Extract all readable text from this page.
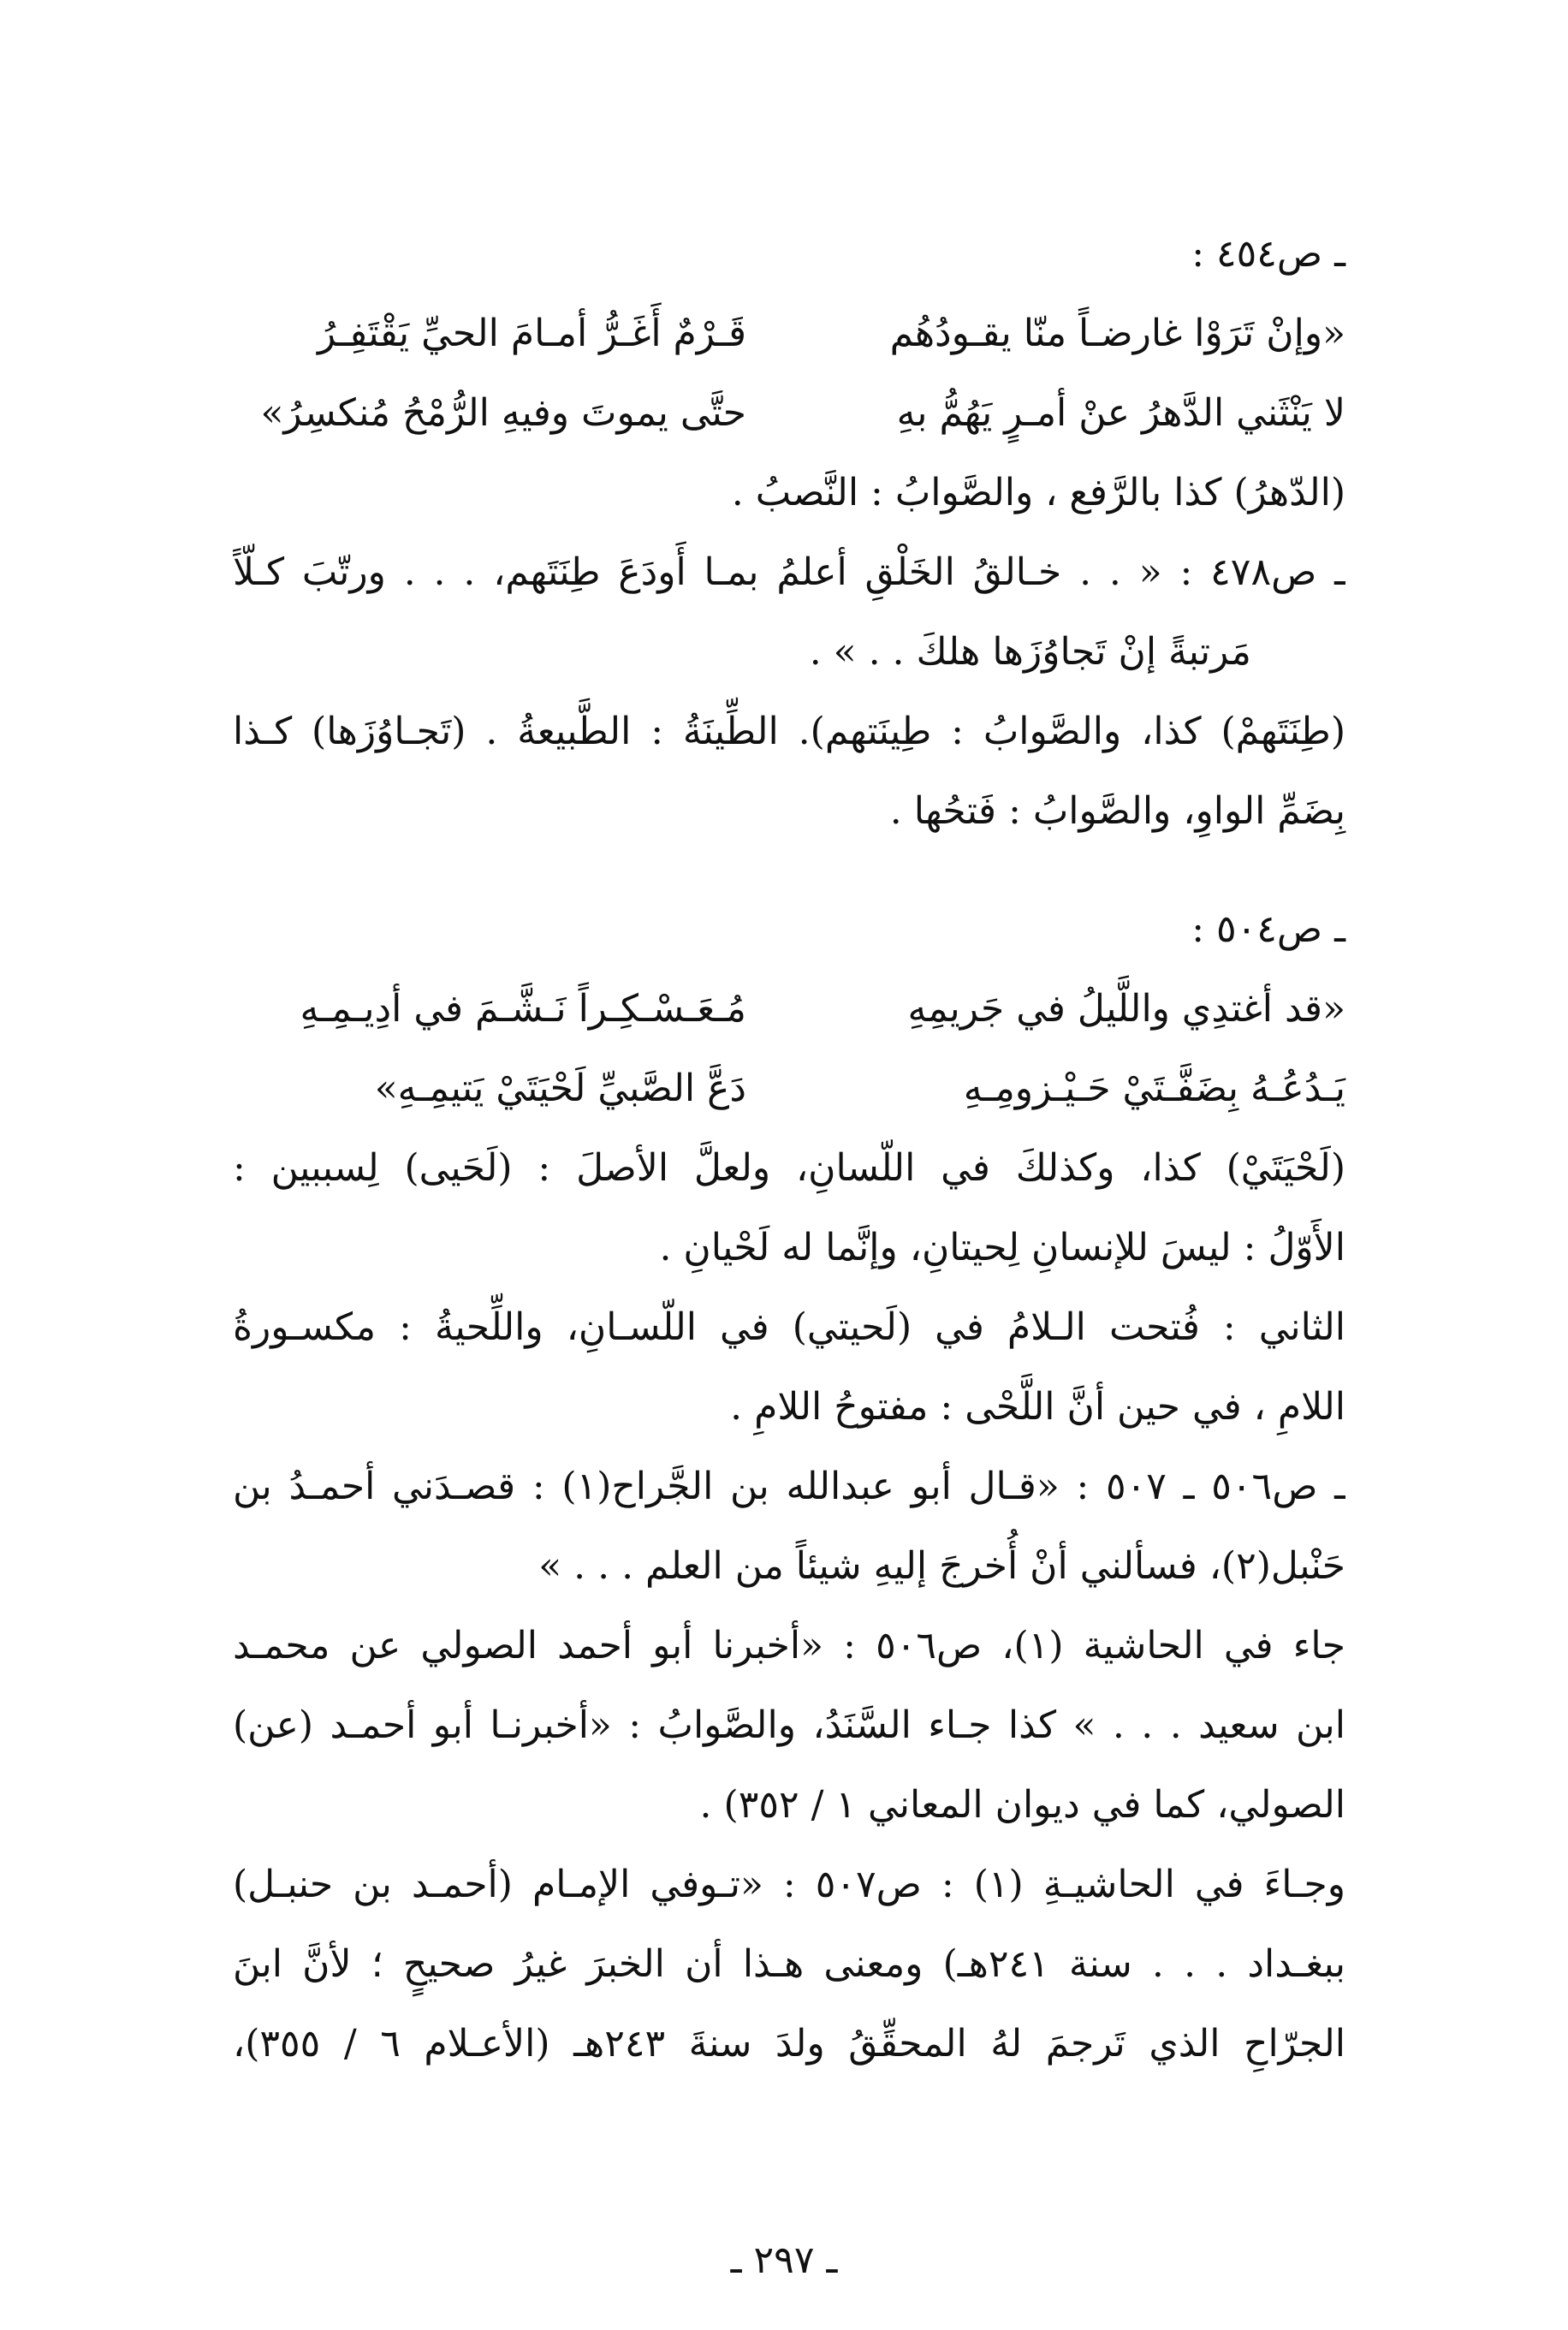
ـ ص٤٥٤ :
«وإنْ تَرَوْا غارضـاً منّا يقـودُهُم
قَـرْمٌ أَغَـرُّ أمـامَ الحيِّ يَقْتَفِـرُ
لا يَنْثَني الدَّهرُ عنْ أمـرٍ يَهُمُّ بهِ
حتَّى يموتَ وفيهِ الرُّمْحُ مُنكسِرُ»
(الدّهرُ) كذا بالرَّفع ، والصَّوابُ : النَّصبُ .
ـ ص٤٧٨ : « . . خـالقُ الخَلْقِ أعلمُ بمـا أَودَعَ طِنَتَهم، . . . ورتّبَ كـلّاً
مَرتبةً إنْ تَجاوُزَها هلكَ . . » .
(طِنَتَهمْ) كذا، والصَّوابُ : طِينَتهم). الطِّينَةُ : الطَّبيعةُ . (تَجـاوُزَها) كـذا
بِضَمِّ الواوِ، والصَّوابُ : فَتحُها .
ـ ص٥٠٤ :
«قد أغتدِي واللَّيلُ في جَريمِهِ
مُـعَـسْـكِـراً نَـشَّـمَ في أدِيـمِـهِ
يَـدُعُـهُ بِضَفَّـتَيْ حَـيْـزومِـهِ
دَعَّ الصَّبيِّ لَحْيَتَيْ يَتيمِـهِ»
(لَحْيَتَيْ) كذا، وكذلكَ في اللّسانِ، ولعلَّ الأصلَ : (لَحَيى) لِسببين :
الأَوّلُ : ليسَ للإنسانِ لِحيتانِ، وإنَّما له لَحْيانِ .
الثاني : فُتحت الـلامُ في (لَحيتي) في اللّسـانِ، واللِّحيةُ : مكسـورةُ
اللامِ ، في حين أنَّ اللَّحْى : مفتوحُ اللامِ .
ـ ص٥٠٦ ـ ٥٠٧ : «قـال أبو عبدالله بن الجَّراح(١) : قصـدَني أحمـدُ بن
حَنْبل(٢)، فسألني أنْ أُخرجَ إليهِ شيئاً من العلم . . . »
جاء في الحاشية (١)، ص٥٠٦ : «أخبرنا أبو أحمد الصولي عن محمـد
ابن سعيد . . . » كذا جـاء السَّنَدُ، والصَّوابُ : «أخبرنـا أبو أحمـد (عن)
الصولي، كما في ديوان المعاني ١ / ٣٥٢) .
وجـاءَ في الحاشيـةِ (١) : ص٥٠٧ : «تـوفي الإمـام (أحمـد بن حنبـل)
ببغـداد . . . سنة ٢٤١هـ) ومعنى هـذا أن الخبرَ غيرُ صحيحٍ ؛ لأنَّ ابنَ
الجرّاحِ الذي تَرجمَ لهُ المحقِّقُ ولدَ سنةَ ٢٤٣هـ (الأعـلام ٦ / ٣٥٥)،
ـ ٢٩٧ ـ
